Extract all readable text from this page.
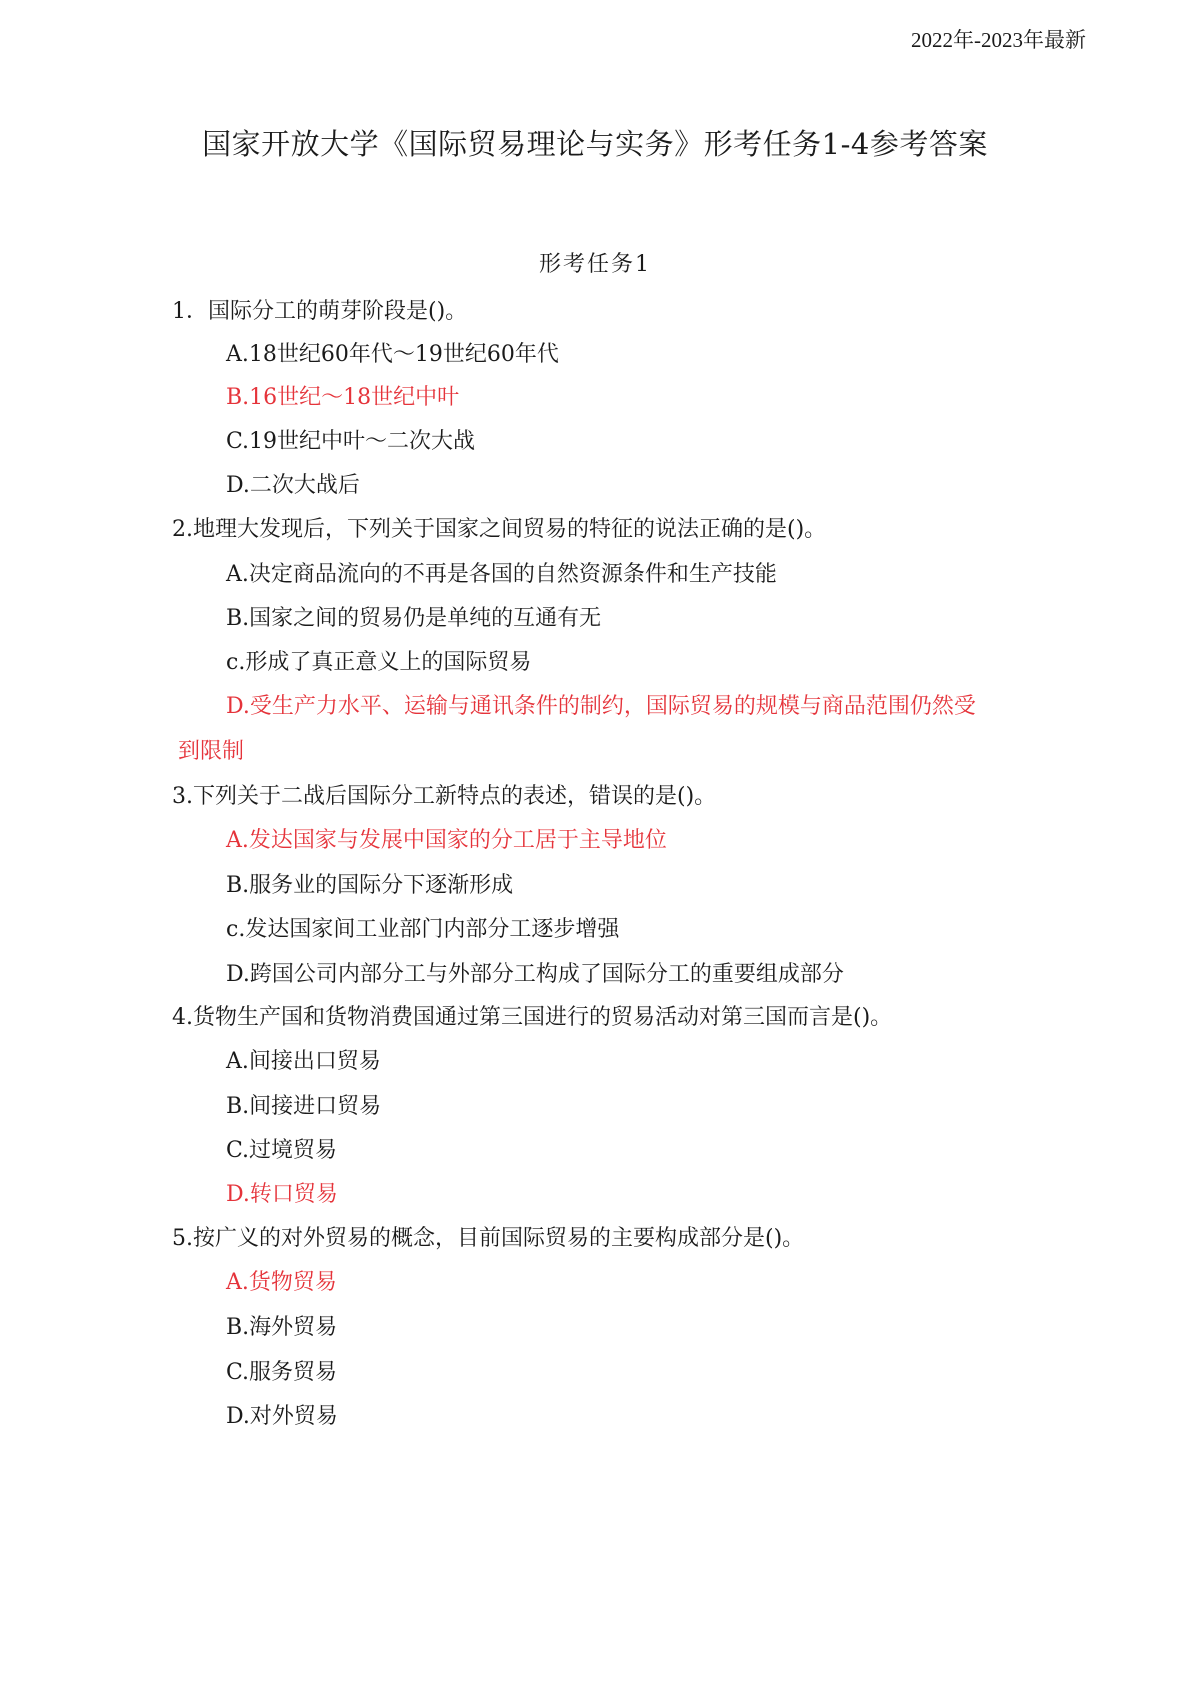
2022年-2023年最新
国家开放大学《国际贸易理论与实务》形考任务1-4参考答案
形考任务1
1．国际分工的萌芽阶段是()。
A.18世纪60年代～19世纪60年代
B.16世纪～18世纪中叶
C.19世纪中叶～二次大战
D.二次大战后
2.地理大发现后，下列关于国家之间贸易的特征的说法正确的是()。
A.决定商品流向的不再是各国的自然资源条件和生产技能
B.国家之间的贸易仍是单纯的互通有无
c.形成了真正意义上的国际贸易
D.受生产力水平、运输与通讯条件的制约，国际贸易的规模与商品范围仍然受
到限制
3.下列关于二战后国际分工新特点的表述，错误的是()。
A.发达国家与发展中国家的分工居于主导地位
B.服务业的国际分下逐渐形成
c.发达国家间工业部门内部分工逐步增强
D.跨国公司内部分工与外部分工构成了国际分工的重要组成部分
4.货物生产国和货物消费国通过第三国进行的贸易活动对第三国而言是()。
A.间接出口贸易
B.间接进口贸易
C.过境贸易
D.转口贸易
5.按广义的对外贸易的概念，目前国际贸易的主要构成部分是()。
A.货物贸易
B.海外贸易
C.服务贸易
D.对外贸易
